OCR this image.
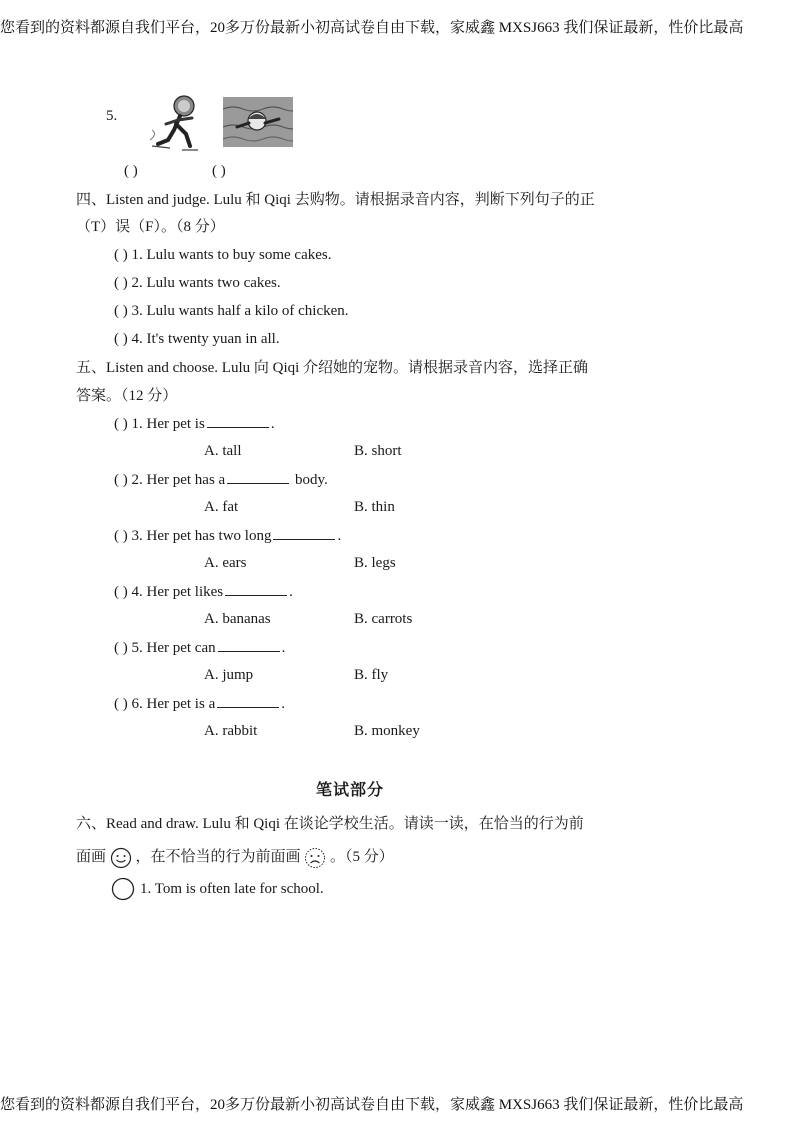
您看到的资料都源自我们平台，20多万份最新小初高试卷自由下载，家威鑫 MXSJ663 我们保证最新，性价比最高
5.
( )	( )
四、Listen and judge. Lulu 和 Qiqi 去购物。请根据录音内容，判断下列句子的正
（T）误（F）。（8 分）
( ) 1. Lulu wants to buy some cakes.
( ) 2. Lulu wants two cakes.
( ) 3. Lulu wants half a kilo of chicken.
( ) 4. It's twenty yuan in all.
五、Listen and choose. Lulu 向 Qiqi 介绍她的宠物。请根据录音内容，选择正确
答案。（12 分）
( ) 1. Her pet is	.
A. tall	B. short
( ) 2. Her pet has a	body.
A. fat	B. thin
( ) 3. Her pet has two long	.
A. ears	B. legs
( ) 4. Her pet likes	.
A. bananas	B. carrots
( ) 5. Her pet can	.
A. jump	B. fly
( ) 6. Her pet is a	.
A. rabbit	B. monkey
笔试部分
六、Read and draw. Lulu 和 Qiqi 在谈论学校生活。请读一读，在恰当的行为前
面画 ，在不恰当的行为前面画 。（5 分）
1. Tom is often late for school.
您看到的资料都源自我们平台，20多万份最新小初高试卷自由下载，家威鑫 MXSJ663 我们保证最新，性价比最高
